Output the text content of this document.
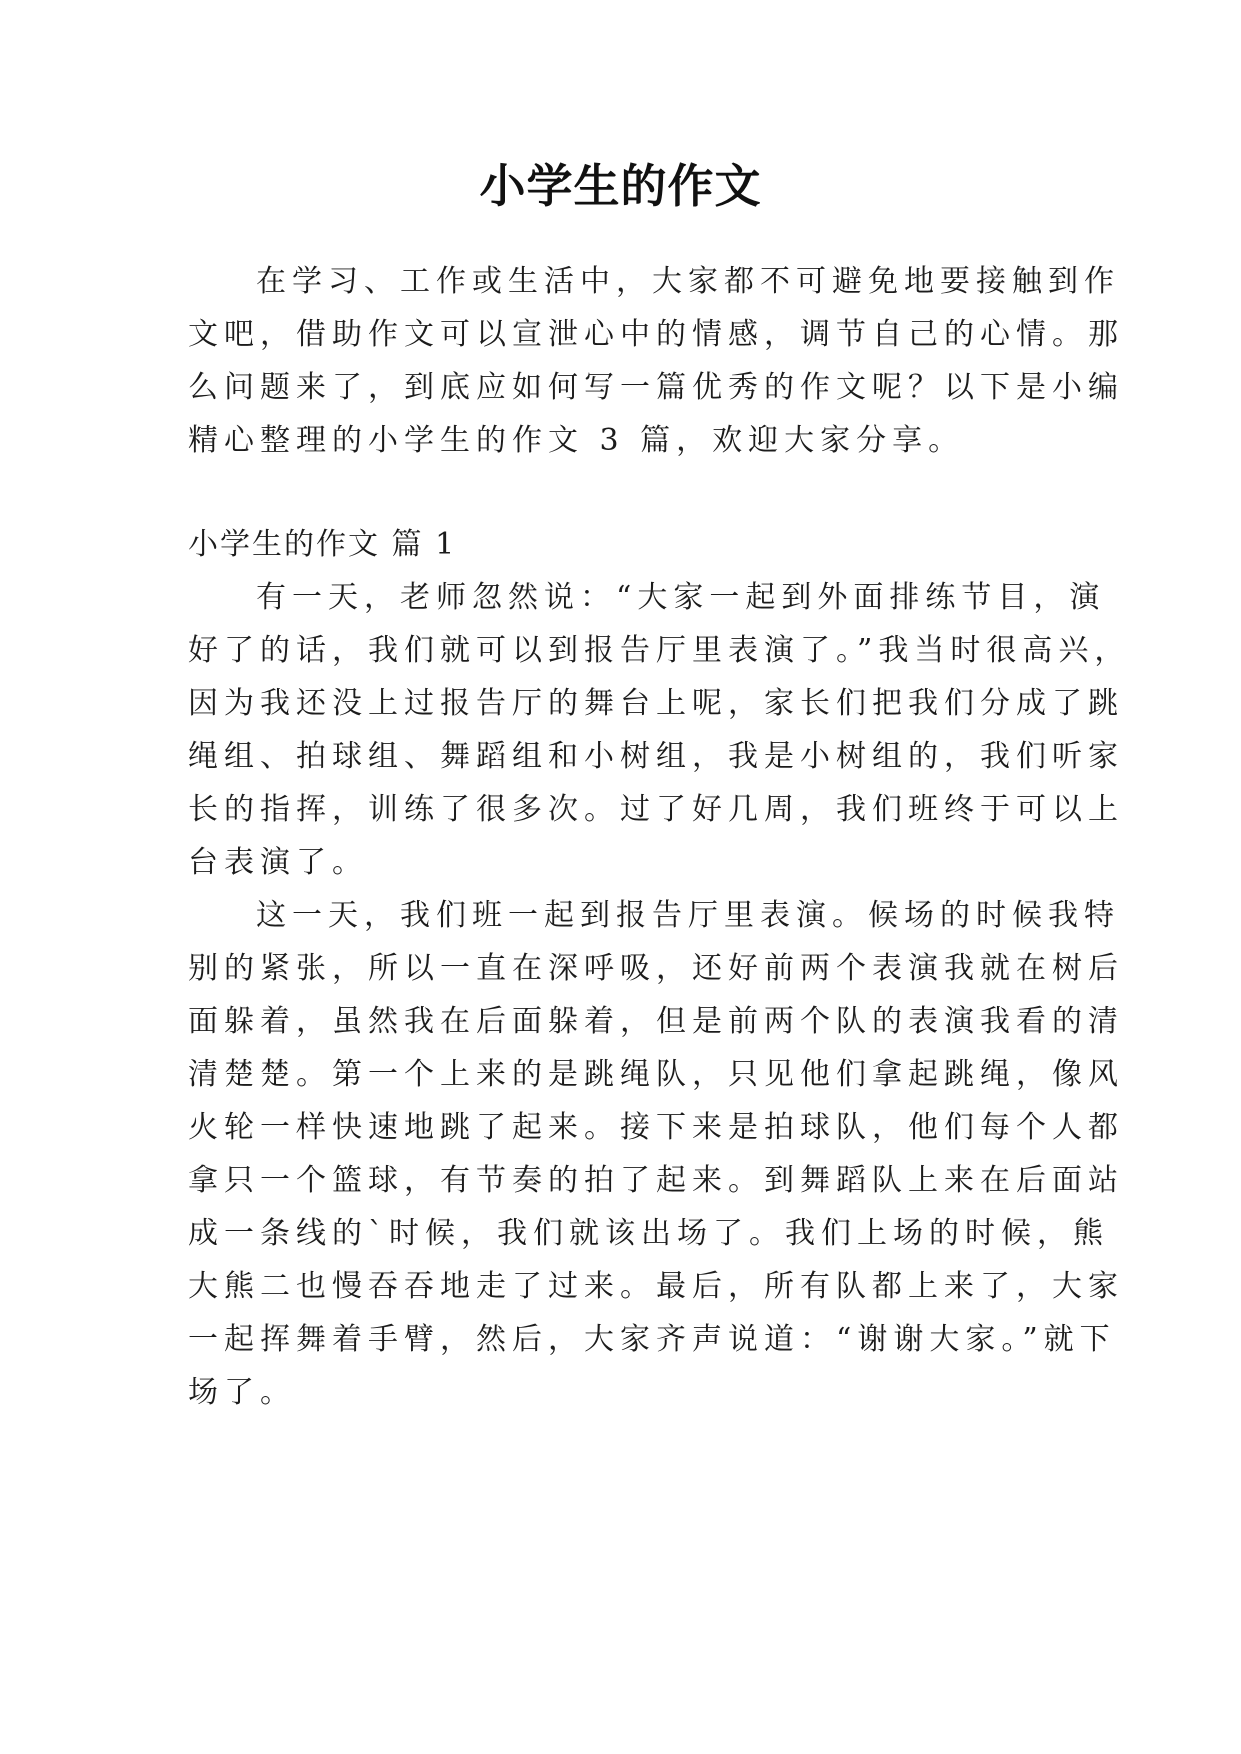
小学生的作文
在学习、工作或生活中，大家都不可避免地要接触到作
文吧，借助作文可以宣泄心中的情感，调节自己的心情。那
么问题来了，到底应如何写一篇优秀的作文呢？以下是小编
精心整理的小学生的作文 3 篇，欢迎大家分享。
小学生的作文 篇 1
有一天，老师忽然说：“大家一起到外面排练节目，演
好了的话，我们就可以到报告厅里表演了。”我当时很高兴，
因为我还没上过报告厅的舞台上呢，家长们把我们分成了跳
绳组、拍球组、舞蹈组和小树组，我是小树组的，我们听家
长的指挥，训练了很多次。过了好几周，我们班终于可以上
台表演了。
这一天，我们班一起到报告厅里表演。候场的时候我特
别的紧张，所以一直在深呼吸，还好前两个表演我就在树后
面躲着，虽然我在后面躲着，但是前两个队的表演我看的清
清楚楚。第一个上来的是跳绳队，只见他们拿起跳绳，像风
火轮一样快速地跳了起来。接下来是拍球队，他们每个人都
拿只一个篮球，有节奏的拍了起来。到舞蹈队上来在后面站
成一条线的`时候，我们就该出场了。我们上场的时候，熊
大熊二也慢吞吞地走了过来。最后，所有队都上来了，大家
一起挥舞着手臂，然后，大家齐声说道：“谢谢大家。”就下
场了。
